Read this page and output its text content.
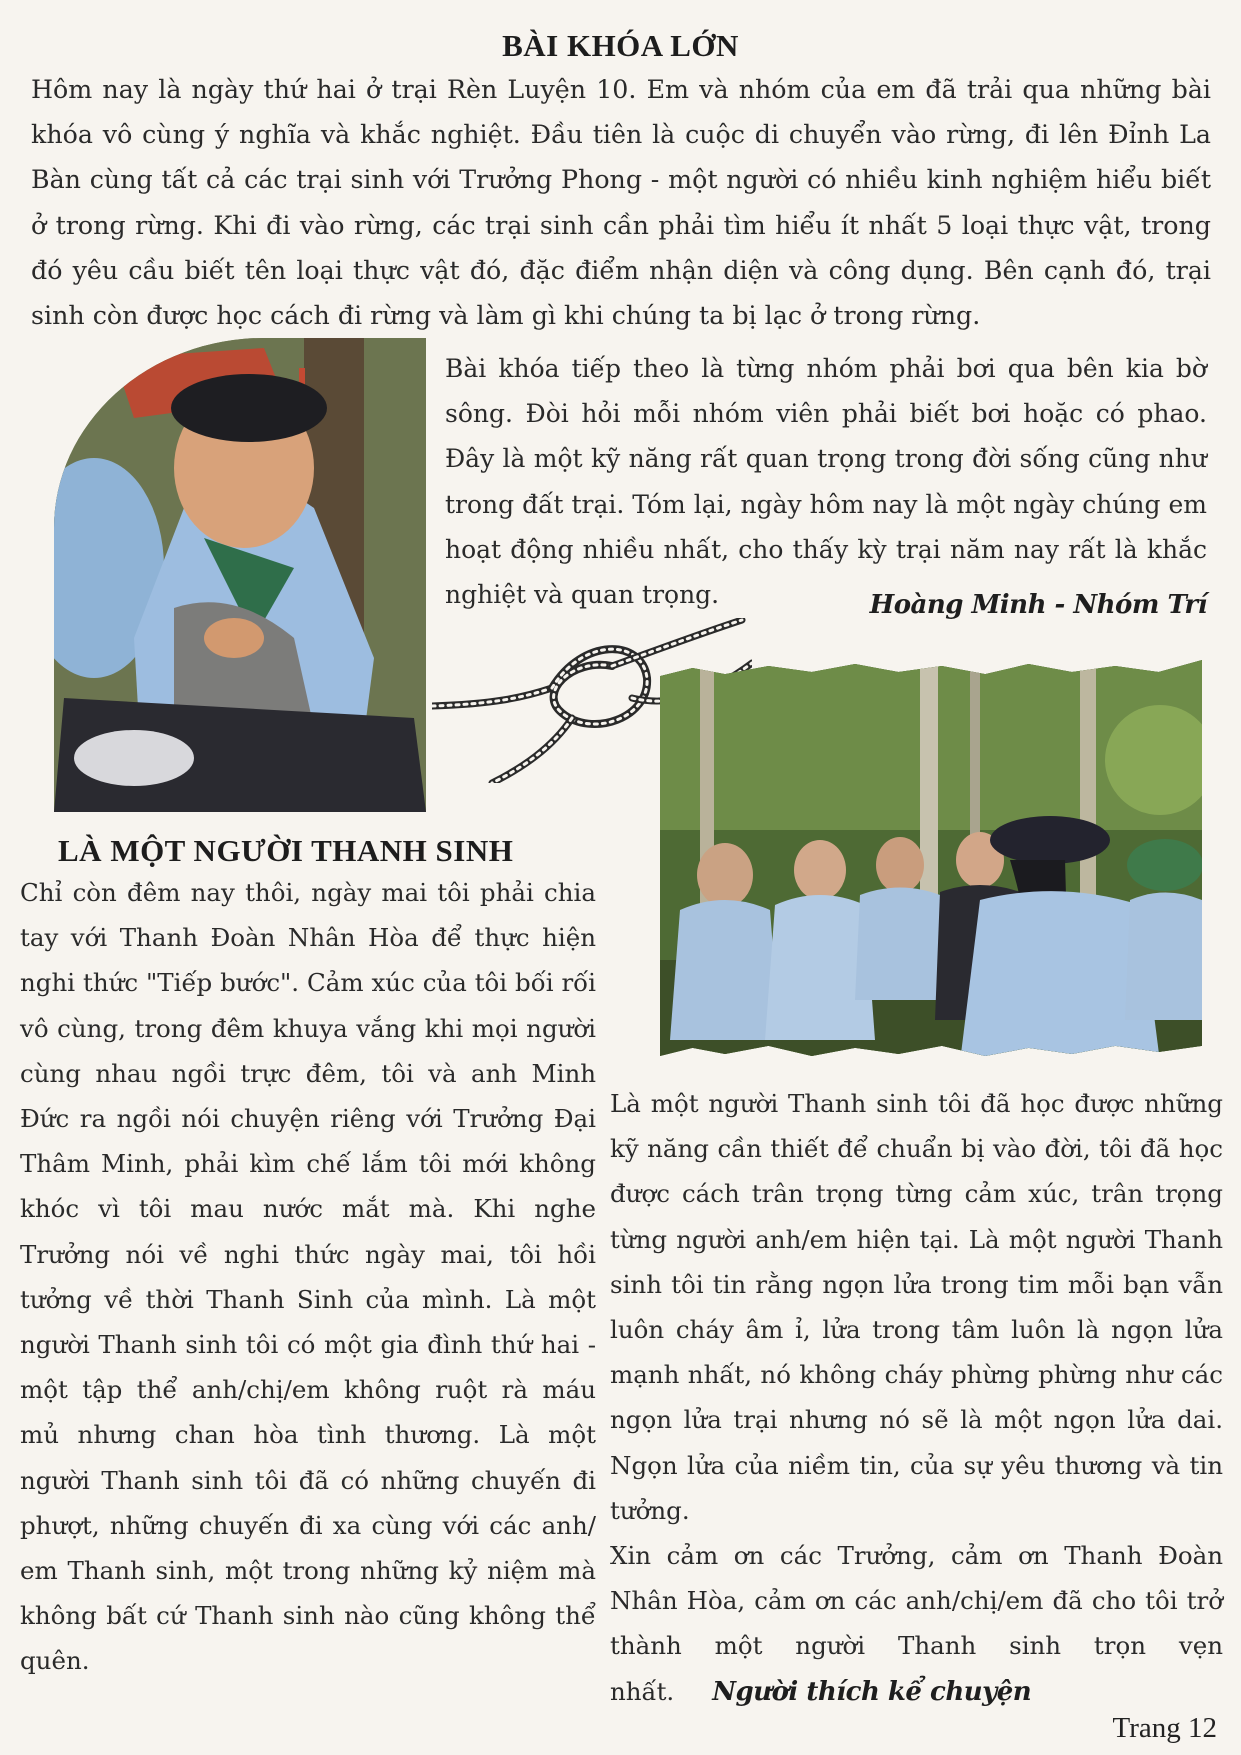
BÀI KHÓA LỚN

Hôm nay là ngày thứ hai ở trại Rèn Luyện 10. Em và nhóm của em đã trải qua những bài khóa vô cùng ý nghĩa và khắc nghiệt. Đầu tiên là cuộc di chuyển vào rừng, đi lên Đỉnh La Bàn cùng tất cả các trại sinh với Trưởng Phong - một người có nhiều kinh nghiệm hiểu biết ở trong rừng. Khi đi vào rừng, các trại sinh cần phải tìm hiểu ít nhất 5 loại thực vật, trong đó yêu cầu biết tên loại thực vật đó, đặc điểm nhận diện và công dụng. Bên cạnh đó, trại sinh còn được học cách đi rừng và làm gì khi chúng ta bị lạc ở trong rừng.

Bài khóa tiếp theo là từng nhóm phải bơi qua bên kia bờ sông. Đòi hỏi mỗi nhóm viên phải biết bơi hoặc có phao. Đây là một kỹ năng rất quan trọng trong đời sống cũng như trong đất trại. Tóm lại, ngày hôm nay là một ngày chúng em hoạt động nhiều nhất, cho thấy kỳ trại năm nay rất là khắc nghiệt và quan trọng.	Hoàng Minh - Nhóm Trí
LÀ MỘT NGƯỜI THANH SINH

Chỉ còn đêm nay thôi, ngày mai tôi phải chia tay với Thanh Đoàn Nhân Hòa để thực hiện nghi thức "Tiếp bước". Cảm xúc của tôi bối rối vô cùng, trong đêm khuya vắng khi mọi người cùng nhau ngồi trực đêm, tôi và anh Minh Đức ra ngồi nói chuyện riêng với Trưởng Đại Thâm Minh, phải kìm chế lắm tôi mới không khóc vì tôi mau nước mắt mà. Khi nghe Trưởng nói về nghi thức ngày mai, tôi hồi tưởng về thời Thanh Sinh của mình. Là một người Thanh sinh tôi có một gia đình thứ hai - một tập thể anh/chị/em không ruột rà máu mủ nhưng chan hòa tình thương. Là một người Thanh sinh tôi đã có những chuyến đi phượt, những chuyến đi xa cùng với các anh/ em Thanh sinh, một trong những kỷ niệm mà không bất cứ Thanh sinh nào cũng không thể quên.

Là một người Thanh sinh tôi đã học được những kỹ năng cần thiết để chuẩn bị vào đời, tôi đã học được cách trân trọng từng cảm xúc, trân trọng từng người anh/em hiện tại. Là một người Thanh sinh tôi tin rằng ngọn lửa trong tim mỗi bạn vẫn luôn cháy âm ỉ, lửa trong tâm luôn là ngọn lửa mạnh nhất, nó không cháy phừng phừng như các ngọn lửa trại nhưng nó sẽ là một ngọn lửa dai. Ngọn lửa của niềm tin, của sự yêu thương và tin tưởng.
Xin cảm ơn các Trưởng, cảm ơn Thanh Đoàn Nhân Hòa, cảm ơn các anh/chị/em đã cho tôi trở thành một người Thanh sinh trọn vẹn nhất. Người thích kể chuyện

Trang 12
